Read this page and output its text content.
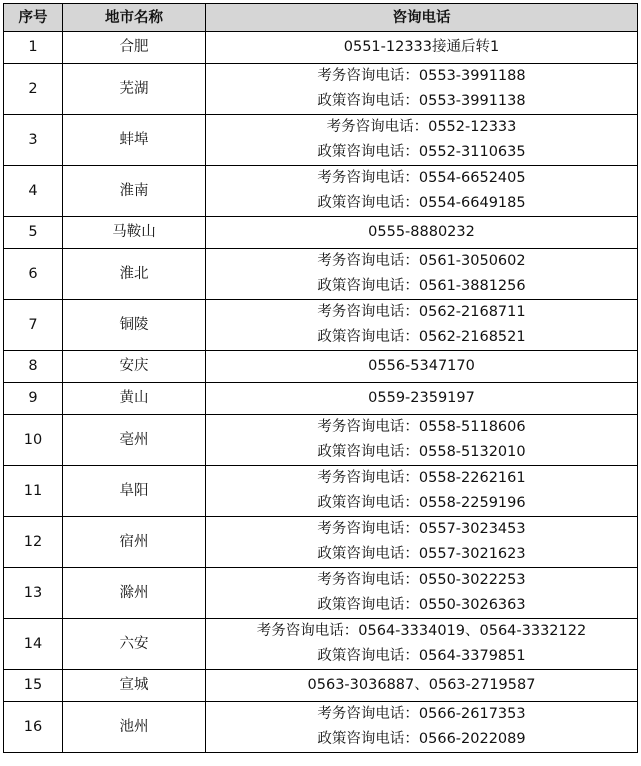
序号	地市名称	咨询电话
1	合肥	0551-12333接通后转1

2	芜湖	考务咨询电话：0553-3991188
政策咨询电话：0553-3991138

3	蚌埠	考务咨询电话：0552-12333
政策咨询电话：0552-3110635

4	淮南	考务咨询电话：0554-6652405
政策咨询电话：0554-6649185

5	马鞍山	0555-8880232

6	淮北	考务咨询电话：0561-3050602
政策咨询电话：0561-3881256

7	铜陵	考务咨询电话：0562-2168711
政策咨询电话：0562-2168521

8	安庆	0556-5347170

9	黄山	0559-2359197

10	亳州	考务咨询电话：0558-5118606
政策咨询电话：0558-5132010

11	阜阳	考务咨询电话：0558-2262161
政策咨询电话：0558-2259196

12	宿州	考务咨询电话：0557-3023453
政策咨询电话：0557-3021623

13	滁州	考务咨询电话：0550-3022253
政策咨询电话：0550-3026363

14	六安	考务咨询电话：0564-3334019、0564-3332122
政策咨询电话：0564-3379851

15	宣城	0563-3036887、0563-2719587

16	池州	考务咨询电话：0566-2617353
政策咨询电话：0566-2022089
